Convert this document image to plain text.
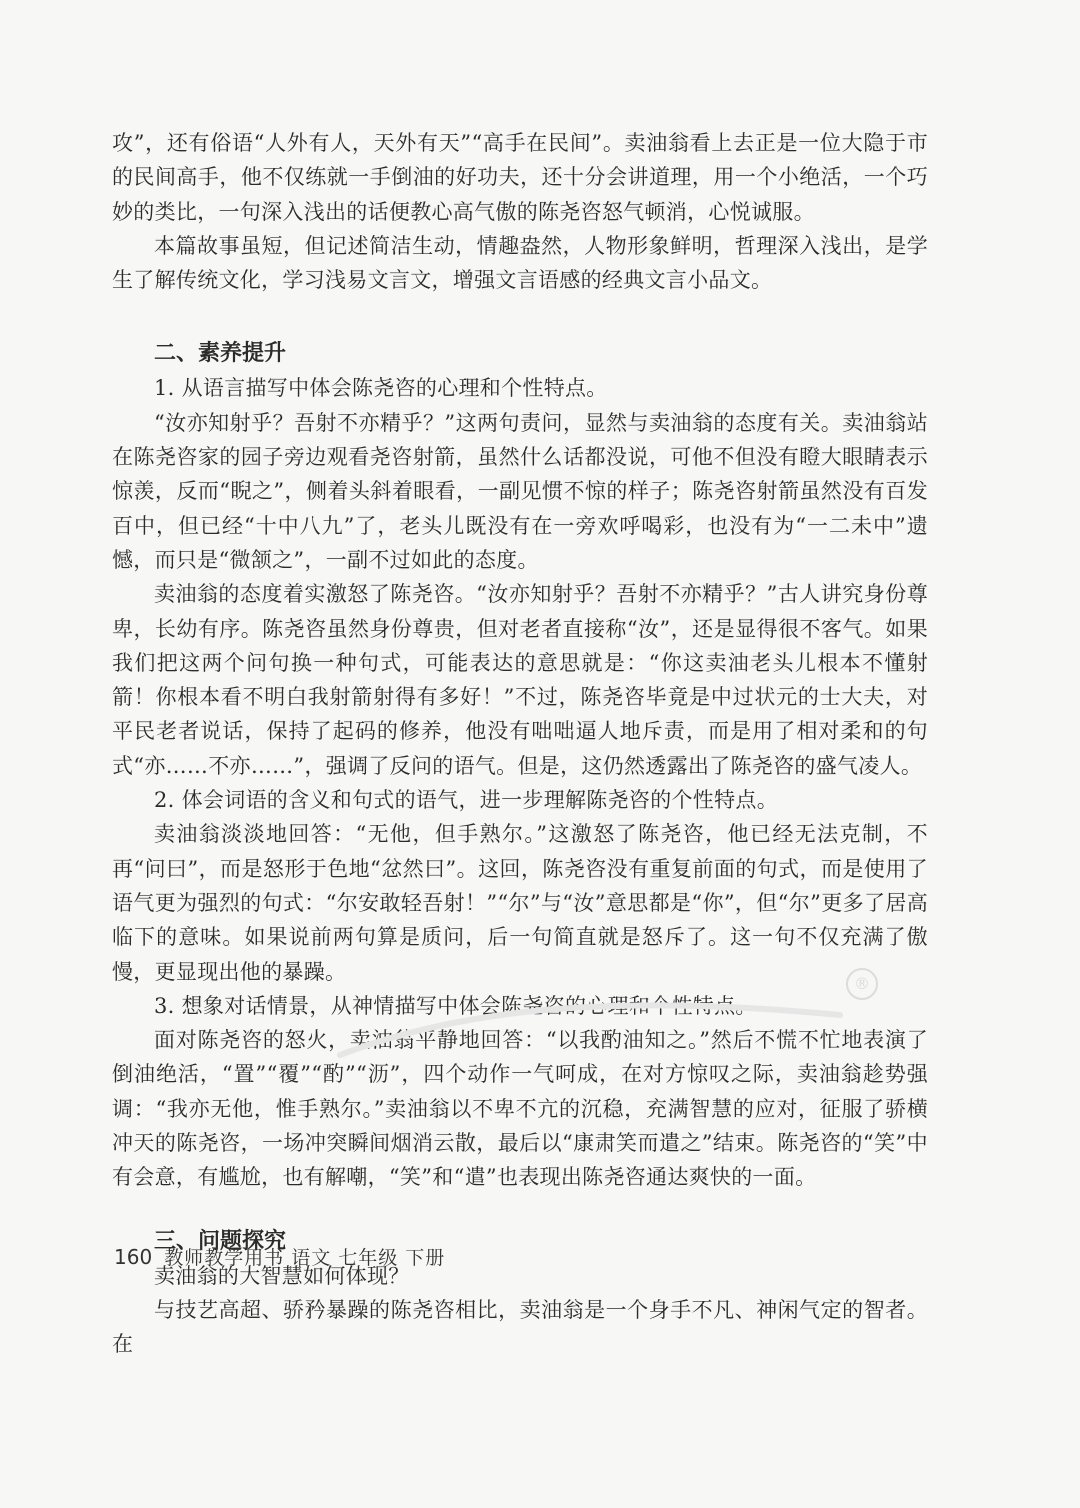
攻”，还有俗语“人外有人，天外有天”“高手在民间”。卖油翁看上去正是一位大隐于市的民间高手，他不仅练就一手倒油的好功夫，还十分会讲道理，用一个小绝活，一个巧妙的类比，一句深入浅出的话便教心高气傲的陈尧咨怒气顿消，心悦诚服。

本篇故事虽短，但记述简洁生动，情趣盎然，人物形象鲜明，哲理深入浅出，是学生了解传统文化，学习浅易文言文，增强文言语感的经典文言小品文。

二、素养提升

1. 从语言描写中体会陈尧咨的心理和个性特点。

“汝亦知射乎？吾射不亦精乎？”这两句责问，显然与卖油翁的态度有关。卖油翁站在陈尧咨家的园子旁边观看尧咨射箭，虽然什么话都没说，可他不但没有瞪大眼睛表示惊羡，反而“睨之”，侧着头斜着眼看，一副见惯不惊的样子；陈尧咨射箭虽然没有百发百中，但已经“十中八九”了，老头儿既没有在一旁欢呼喝彩，也没有为“一二未中”遗憾，而只是“微颔之”，一副不过如此的态度。

卖油翁的态度着实激怒了陈尧咨。“汝亦知射乎？吾射不亦精乎？”古人讲究身份尊卑，长幼有序。陈尧咨虽然身份尊贵，但对老者直接称“汝”，还是显得很不客气。如果我们把这两个问句换一种句式，可能表达的意思就是：“你这卖油老头儿根本不懂射箭！你根本看不明白我射箭射得有多好！”不过，陈尧咨毕竟是中过状元的士大夫，对平民老者说话，保持了起码的修养，他没有咄咄逼人地斥责，而是用了相对柔和的句式“亦……不亦……”，强调了反问的语气。但是，这仍然透露出了陈尧咨的盛气凌人。

2. 体会词语的含义和句式的语气，进一步理解陈尧咨的个性特点。

卖油翁淡淡地回答：“无他，但手熟尔。”这激怒了陈尧咨，他已经无法克制，不再“问曰”，而是怒形于色地“忿然曰”。这回，陈尧咨没有重复前面的句式，而是使用了语气更为强烈的句式：“尔安敢轻吾射！”“尔”与“汝”意思都是“你”，但“尔”更多了居高临下的意味。如果说前两句算是质问，后一句简直就是怒斥了。这一句不仅充满了傲慢，更显现出他的暴躁。

3. 想象对话情景，从神情描写中体会陈尧咨的心理和个性特点。

面对陈尧咨的怒火，卖油翁平静地回答：“以我酌油知之。”然后不慌不忙地表演了倒油绝活，“置”“覆”“酌”“沥”，四个动作一气呵成，在对方惊叹之际，卖油翁趁势强调：“我亦无他，惟手熟尔。”卖油翁以不卑不亢的沉稳，充满智慧的应对，征服了骄横冲天的陈尧咨，一场冲突瞬间烟消云散，最后以“康肃笑而遣之”结束。陈尧咨的“笑”中有会意，有尴尬，也有解嘲，“笑”和“遣”也表现出陈尧咨通达爽快的一面。

三、问题探究

卖油翁的大智慧如何体现？

与技艺高超、骄矜暴躁的陈尧咨相比，卖油翁是一个身手不凡、神闲气定的智者。在

®
160 教师教学用书 语文 七年级 下册
